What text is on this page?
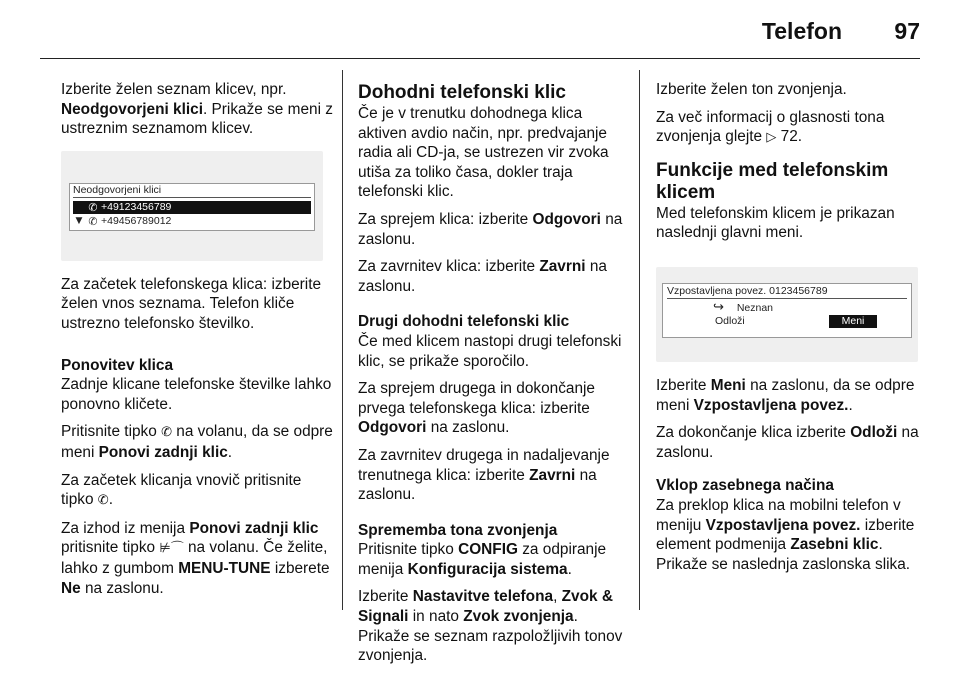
Telefon 97

Izberite želen seznam klicev, npr. Neodgovorjeni klici. Prikaže se meni z ustreznim seznamom klicev.

Neodgovorjeni klici
✆ +49123456789
▼ ✆ +49456789012

Za začetek telefonskega klica: izberite želen vnos seznama. Telefon kliče ustrezno telefonsko številko.

Ponovitev klica

Zadnje klicane telefonske številke lahko ponovno kličete.

Pritisnite tipko ✆ na volanu, da se odpre meni Ponovi zadnji klic.

Za začetek klicanja vnovič pritisnite tipko ✆.

Za izhod iz menija Ponovi zadnji klic pritisnite tipko ⊭⌒ na volanu. Če želite, lahko z gumbom MENU-TUNE izberete Ne na zaslonu.

Dohodni telefonski klic

Če je v trenutku dohodnega klica aktiven avdio način, npr. predvajanje radia ali CD-ja, se ustrezen vir zvoka utiša za toliko časa, dokler traja telefonski klic.

Za sprejem klica: izberite Odgovori na zaslonu.

Za zavrnitev klica: izberite Zavrni na zaslonu.

Drugi dohodni telefonski klic

Če med klicem nastopi drugi telefonski klic, se prikaže sporočilo.

Za sprejem drugega in dokončanje prvega telefonskega klica: izberite Odgovori na zaslonu.

Za zavrnitev drugega in nadaljevanje trenutnega klica: izberite Zavrni na zaslonu.

Sprememba tona zvonjenja

Pritisnite tipko CONFIG za odpiranje menija Konfiguracija sistema.

Izberite Nastavitve telefona, Zvok & Signali in nato Zvok zvonjenja. Prikaže se seznam razpoložljivih tonov zvonjenja.

Izberite želen ton zvonjenja.

Za več informacij o glasnosti tona zvonjenja glejte ▷ 72.

Funkcije med telefonskim klicem

Med telefonskim klicem je prikazan naslednji glavni meni.

Vzpostavljena povez. 0123456789
↪ Neznan
Odloži	Meni

Izberite Meni na zaslonu, da se odpre meni Vzpostavljena povez..

Za dokončanje klica izberite Odloži na zaslonu.

Vklop zasebnega načina

Za preklop klica na mobilni telefon v meniju Vzpostavljena povez. izberite element podmenija Zasebni klic. Prikaže se naslednja zaslonska slika.
